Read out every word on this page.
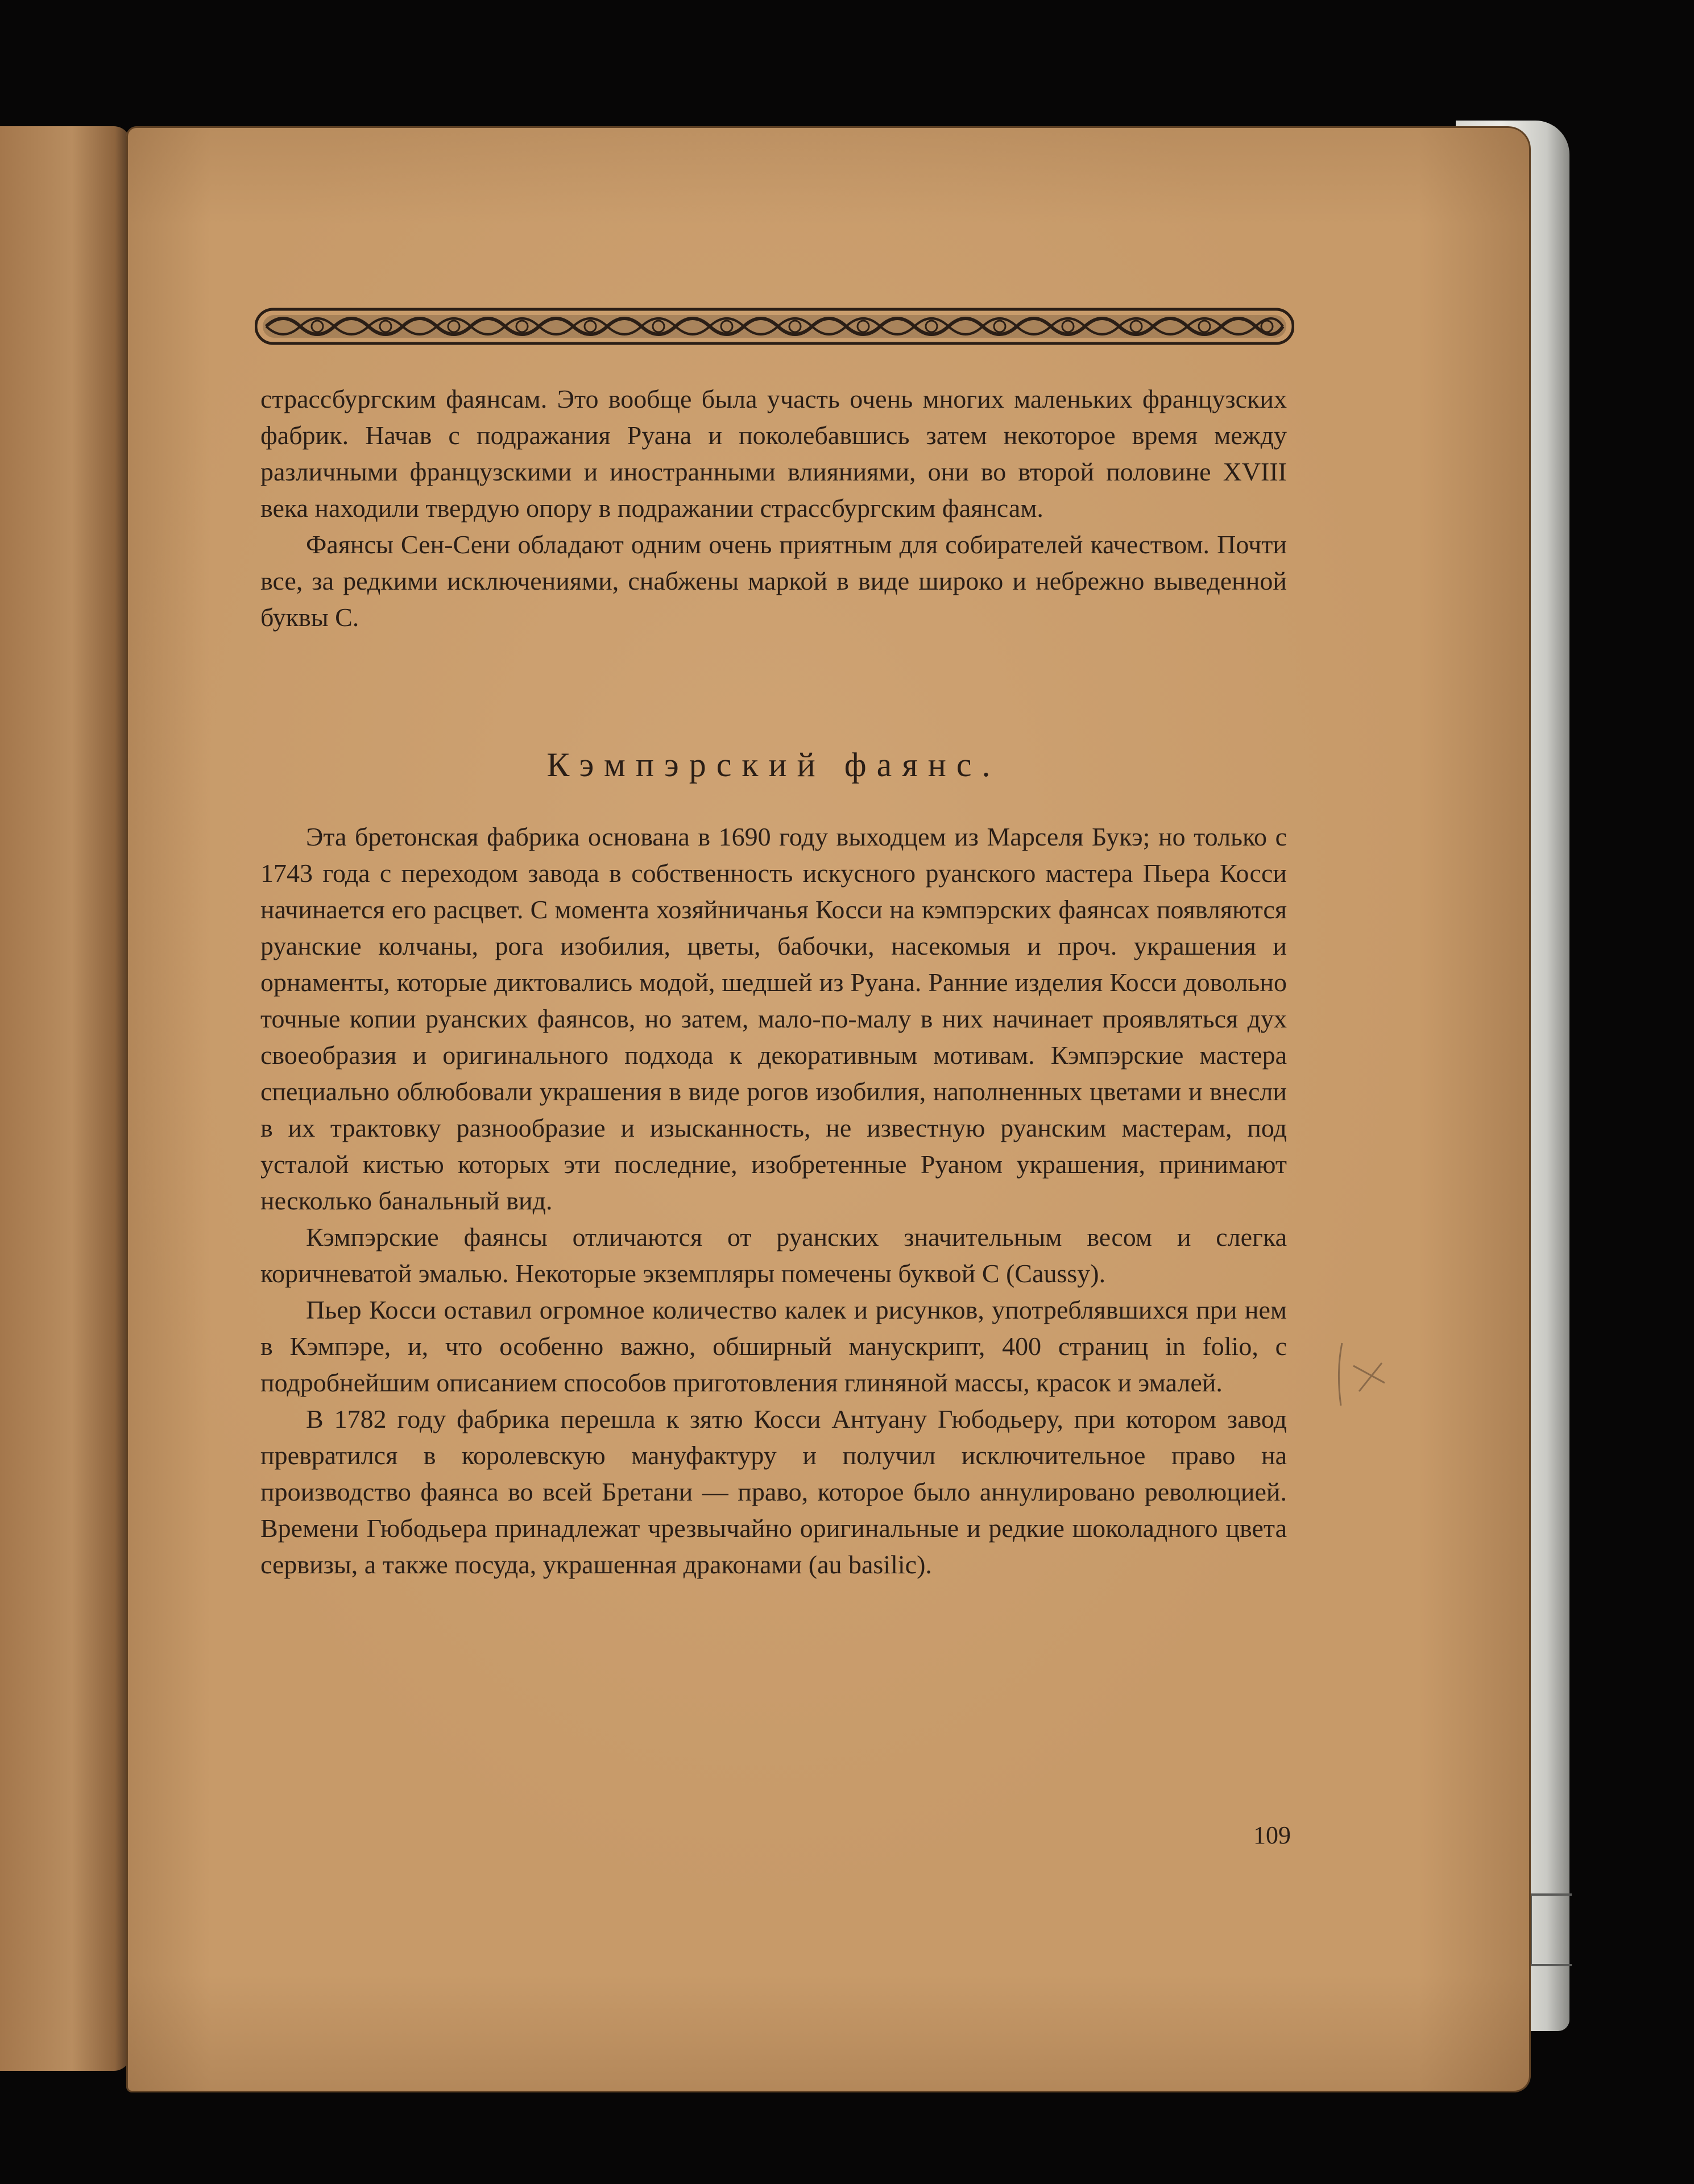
страссбургским фаянсам. Это вообще была участь очень многих маленьких французских фабрик. Начав с подражания Руана и поколебавшись затем некоторое время между различными французскими и иностранными влияниями, они во второй половине XVIII века находили твердую опору в подражании страссбургским фаянсам.

Фаянсы Сен-Сени обладают одним очень приятным для собирателей качеством. Почти все, за редкими исключениями, снабжены маркой в виде широко и небрежно выведенной буквы С.

Кэмпэрский фаянс.

Эта бретонская фабрика основана в 1690 году выходцем из Марселя Букэ; но только с 1743 года с переходом завода в собственность искусного руанского мастера Пьера Косси начинается его расцвет. С момента хозяйничанья Косси на кэмпэрских фаянсах появляются руанские колчаны, рога изобилия, цветы, бабочки, насекомыя и проч. украшения и орнаменты, которые диктовались модой, шедшей из Руана. Ранние изделия Косси довольно точные копии руанских фаянсов, но затем, мало-по-малу в них начинает проявляться дух своеобразия и оригинального подхода к декоративным мотивам. Кэмпэрские мастера специально облюбовали украшения в виде рогов изобилия, наполненных цветами и внесли в их трактовку разнообразие и изысканность, не известную руанским мастерам, под усталой кистью которых эти последние, изобретенные Руаном украшения, принимают несколько банальный вид.

Кэмпэрские фаянсы отличаются от руанских значительным весом и слегка коричневатой эмалью. Некоторые экземпляры помечены буквой С (Caussy).

Пьер Косси оставил огромное количество калек и рисунков, употреблявшихся при нем в Кэмпэре, и, что особенно важно, обширный манускрипт, 400 страниц in folio, с подробнейшим описанием способов приготовления глиняной массы, красок и эмалей.

В 1782 году фабрика перешла к зятю Косси Антуану Гюбодьеру, при котором завод превратился в королевскую мануфактуру и получил исключительное право на производство фаянса во всей Бретани — право, которое было аннулировано революцией. Времени Гюбодьера принадлежат чрезвычайно оригинальные и редкие шоколадного цвета сервизы, а также посуда, украшенная драконами (au basilic).

109
